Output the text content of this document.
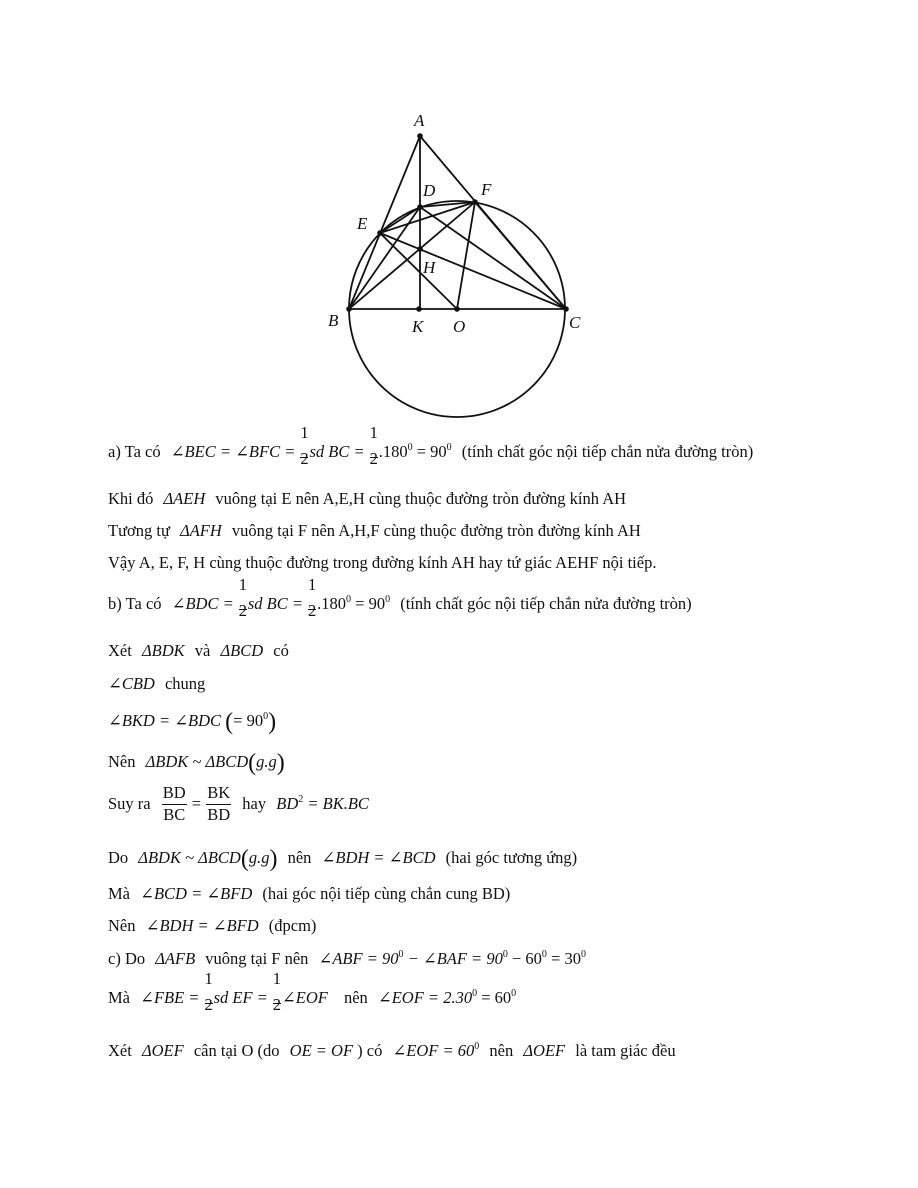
A
D	F
E
H
B	K O	C
a) Ta có ∠BEC = ∠BFC = $\frac{1}{2}$ sd BC = $\frac{1}{2} .180^0 = 90^0$ (tính chất góc nội tiếp chắn nửa đường tròn)
Khi đó ΔAEH vuông tại E nên A,E,H cùng thuộc đường tròn đường kính AH
Tương tự ΔAFH vuông tại F nên A,H,F cùng thuộc đường tròn đường kính AH
Vậy A, E, F, H cùng thuộc đường trong đường kính AH hay tứ giác AEHF nội tiếp.
b) Ta có ∠BDC = $\frac{1}{2}$ sd BC = $\frac{1}{2} .180^0 = 90^0$ (tính chất góc nội tiếp chắn nửa đường tròn)
Xét ΔBDK và ΔBCD có
∠CBD chung
∠BKD = ∠BDC (= $90^0$)
Nên ΔBDK ~ ΔBCD(g.g)
Suy ra $\frac{BD}{BC} = \frac{BK}{BD}$ hay $BD^2 = BK.BC$
Do ΔBDK ~ ΔBCD(g.g) nên ∠BDH = ∠BCD (hai góc tương ứng)
Mà ∠BCD = ∠BFD (hai góc nội tiếp cùng chắn cung BD)
Nên ∠BDH = ∠BFD (đpcm)
c) Do ΔAFB vuông tại F nên ∠ABF = $90^0$ − ∠BAF = $90^0 - 60^0 = 30^0$
Mà ∠FBE = $\frac{1}{2}$ sd EF = $\frac{1}{2}$ ∠EOF nên ∠EOF = $2.30^0 = 60^0$
Xét ΔOEF cân tại O (do OE = OF ) có ∠EOF = $60^0$ nên ΔOEF là tam giác đều
